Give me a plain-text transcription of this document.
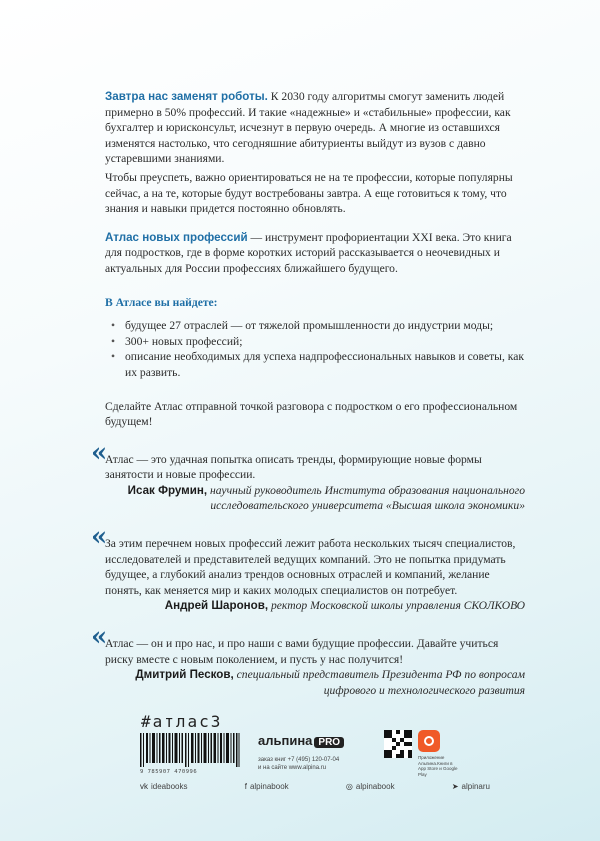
Завтра нас заменят роботы. К 2030 году алгоритмы смогут заменить людей примерно в 50% профессий. И такие «надежные» и «стабильные» профессии, как бухгалтер и юрисконсульт, исчезнут в первую очередь. А многие из оставшихся изменятся настолько, что сегодняшние абитуриенты выйдут из вузов с давно устаревшими знаниями.

Чтобы преуспеть, важно ориентироваться не на те профессии, которые популярны сейчас, а на те, которые будут востребованы завтра. А еще готовиться к тому, что знания и навыки придется постоянно обновлять.

Атлас новых профессий — инструмент профориентации XXI века. Это книга для подростков, где в форме коротких историй рассказывается о неочевидных и актуальных для России профессиях ближайшего будущего.

В Атласе вы найдете:

• будущее 27 отраслей — от тяжелой промышленности до индустрии моды;
• 300+ новых профессий;
• описание необходимых для успеха надпрофессиональных навыков и советы, как их развить.

Сделайте Атлас отправной точкой разговора с подростком о его профессиональном будущем!

«

Атлас — это удачная попытка описать тренды, формирующие новые формы занятости и новые профессии.

Исак Фрумин, научный руководитель Института образования национального исследовательского университета «Высшая школа экономики»

«

За этим перечнем новых профессий лежит работа нескольких тысяч специалистов, исследователей и представителей ведущих компаний. Это не попытка придумать будущее, а глубокий анализ трендов основных отраслей и компаний, желание понять, как меняется мир и каких молодых специалистов он потребует.

Андрей Шаронов, ректор Московской школы управления СКОЛКОВО

«

Атлас — он и про нас, и про наши с вами будущие профессии. Давайте учиться риску вместе с новым поколением, и пусть у нас получится!

Дмитрий Песков, специальный представитель Президента РФ по вопросам цифрового и технологического развития

#атлас3
9 785907 470996
альпина PRO
заказ книг +7 (495) 120-07-04
и на сайте www.alpina.ru
Приложение Альпина.Книги в App Store и Google Play
vk ideabooks	f alpinabook	◎ alpinabook	➤ alpinaru
